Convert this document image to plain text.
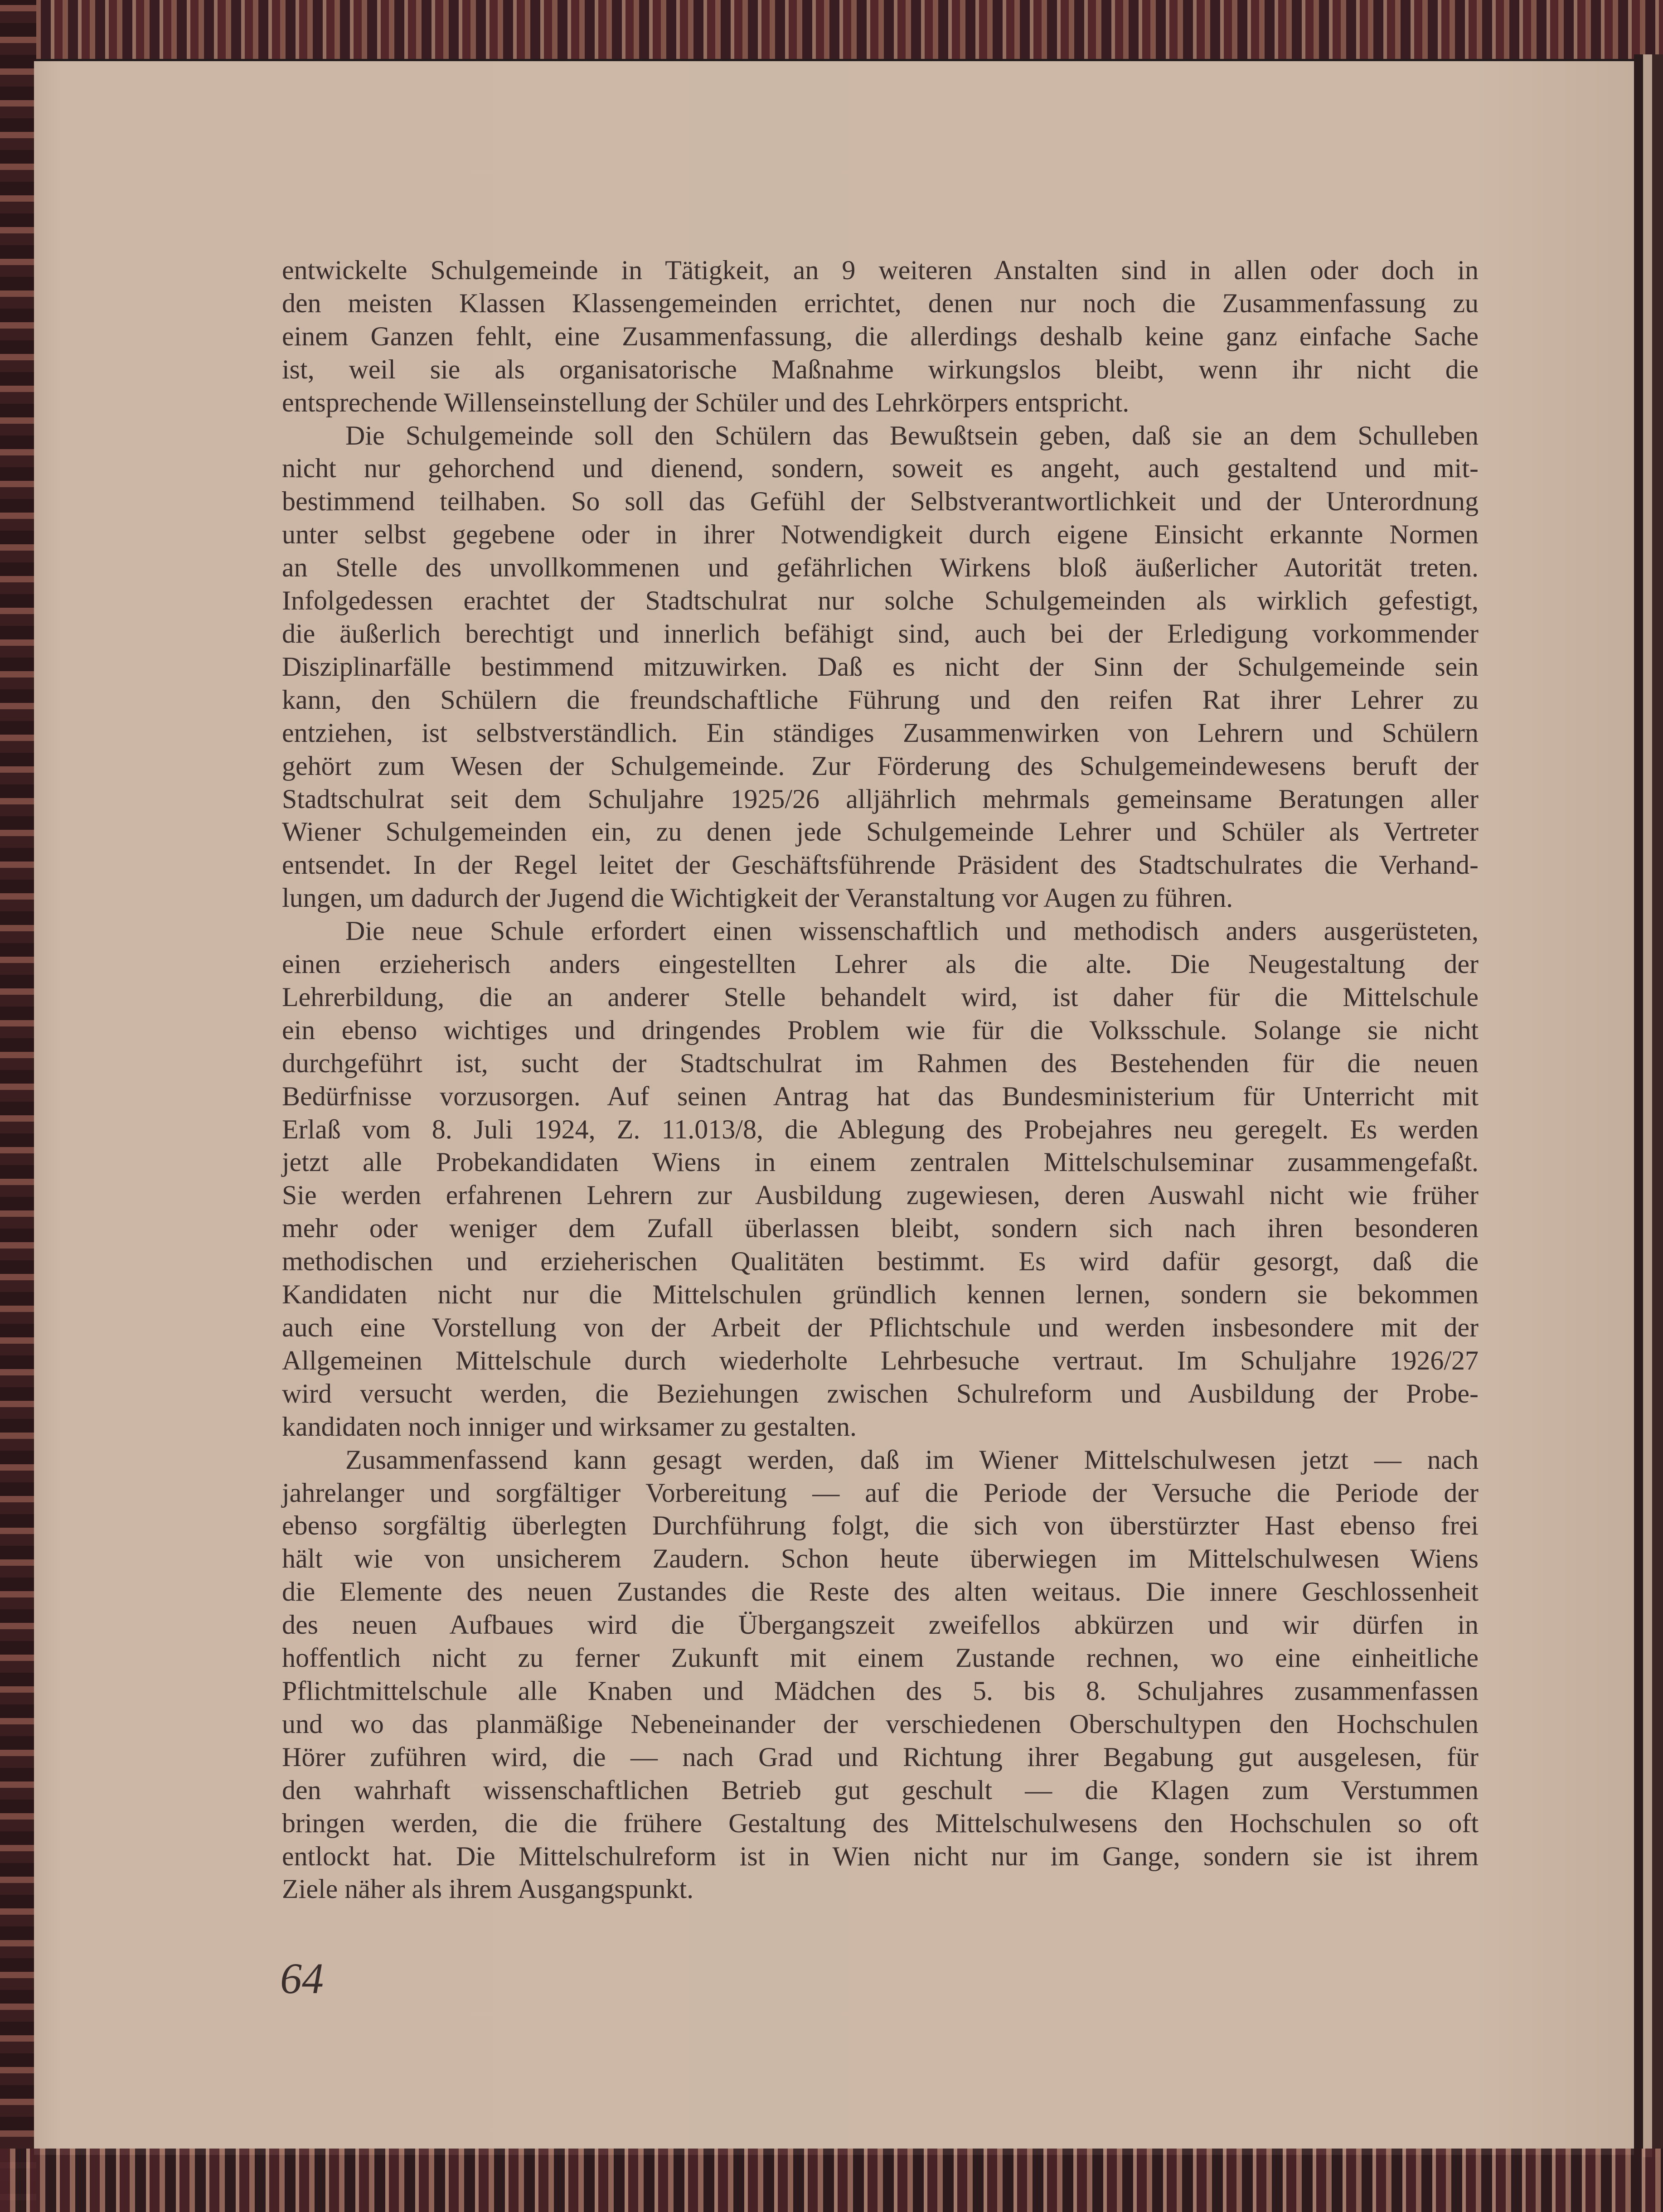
entwickelte Schulgemeinde in Tätigkeit, an 9 weiteren Anstalten sind in allen oder doch in
den meisten Klassen Klassengemeinden errichtet, denen nur noch die Zusammenfassung zu
einem Ganzen fehlt, eine Zusammenfassung, die allerdings deshalb keine ganz einfache Sache
ist, weil sie als organisatorische Maßnahme wirkungslos bleibt, wenn ihr nicht die
entsprechende Willenseinstellung der Schüler und des Lehrkörpers entspricht.
Die Schulgemeinde soll den Schülern das Bewußtsein geben, daß sie an dem Schulleben
nicht nur gehorchend und dienend, sondern, soweit es angeht, auch gestaltend und mit-
bestimmend teilhaben. So soll das Gefühl der Selbstverantwortlichkeit und der Unterordnung
unter selbst gegebene oder in ihrer Notwendigkeit durch eigene Einsicht erkannte Normen
an Stelle des unvollkommenen und gefährlichen Wirkens bloß äußerlicher Autorität treten.
Infolgedessen erachtet der Stadtschulrat nur solche Schulgemeinden als wirklich gefestigt,
die äußerlich berechtigt und innerlich befähigt sind, auch bei der Erledigung vorkommender
Disziplinarfälle bestimmend mitzuwirken. Daß es nicht der Sinn der Schulgemeinde sein
kann, den Schülern die freundschaftliche Führung und den reifen Rat ihrer Lehrer zu
entziehen, ist selbstverständlich. Ein ständiges Zusammenwirken von Lehrern und Schülern
gehört zum Wesen der Schulgemeinde. Zur Förderung des Schulgemeindewesens beruft der
Stadtschulrat seit dem Schuljahre 1925/26 alljährlich mehrmals gemeinsame Beratungen aller
Wiener Schulgemeinden ein, zu denen jede Schulgemeinde Lehrer und Schüler als Vertreter
entsendet. In der Regel leitet der Geschäftsführende Präsident des Stadtschulrates die Verhand-
lungen, um dadurch der Jugend die Wichtigkeit der Veranstaltung vor Augen zu führen.
Die neue Schule erfordert einen wissenschaftlich und methodisch anders ausgerüsteten,
einen erzieherisch anders eingestellten Lehrer als die alte. Die Neugestaltung der
Lehrerbildung, die an anderer Stelle behandelt wird, ist daher für die Mittelschule
ein ebenso wichtiges und dringendes Problem wie für die Volksschule. Solange sie nicht
durchgeführt ist, sucht der Stadtschulrat im Rahmen des Bestehenden für die neuen
Bedürfnisse vorzusorgen. Auf seinen Antrag hat das Bundesministerium für Unterricht mit
Erlaß vom 8. Juli 1924, Z. 11.013/8, die Ablegung des Probejahres neu geregelt. Es werden
jetzt alle Probekandidaten Wiens in einem zentralen Mittelschulseminar zusammengefaßt.
Sie werden erfahrenen Lehrern zur Ausbildung zugewiesen, deren Auswahl nicht wie früher
mehr oder weniger dem Zufall überlassen bleibt, sondern sich nach ihren besonderen
methodischen und erzieherischen Qualitäten bestimmt. Es wird dafür gesorgt, daß die
Kandidaten nicht nur die Mittelschulen gründlich kennen lernen, sondern sie bekommen
auch eine Vorstellung von der Arbeit der Pflichtschule und werden insbesondere mit der
Allgemeinen Mittelschule durch wiederholte Lehrbesuche vertraut. Im Schuljahre 1926/27
wird versucht werden, die Beziehungen zwischen Schulreform und Ausbildung der Probe-
kandidaten noch inniger und wirksamer zu gestalten.
Zusammenfassend kann gesagt werden, daß im Wiener Mittelschulwesen jetzt — nach
jahrelanger und sorgfältiger Vorbereitung — auf die Periode der Versuche die Periode der
ebenso sorgfältig überlegten Durchführung folgt, die sich von überstürzter Hast ebenso frei
hält wie von unsicherem Zaudern. Schon heute überwiegen im Mittelschulwesen Wiens
die Elemente des neuen Zustandes die Reste des alten weitaus. Die innere Geschlossenheit
des neuen Aufbaues wird die Übergangszeit zweifellos abkürzen und wir dürfen in
hoffentlich nicht zu ferner Zukunft mit einem Zustande rechnen, wo eine einheitliche
Pflichtmittelschule alle Knaben und Mädchen des 5. bis 8. Schuljahres zusammenfassen
und wo das planmäßige Nebeneinander der verschiedenen Oberschultypen den Hochschulen
Hörer zuführen wird, die — nach Grad und Richtung ihrer Begabung gut ausgelesen, für
den wahrhaft wissenschaftlichen Betrieb gut geschult — die Klagen zum Verstummen
bringen werden, die die frühere Gestaltung des Mittelschulwesens den Hochschulen so oft
entlockt hat. Die Mittelschulreform ist in Wien nicht nur im Gange, sondern sie ist ihrem
Ziele näher als ihrem Ausgangspunkt.
64
